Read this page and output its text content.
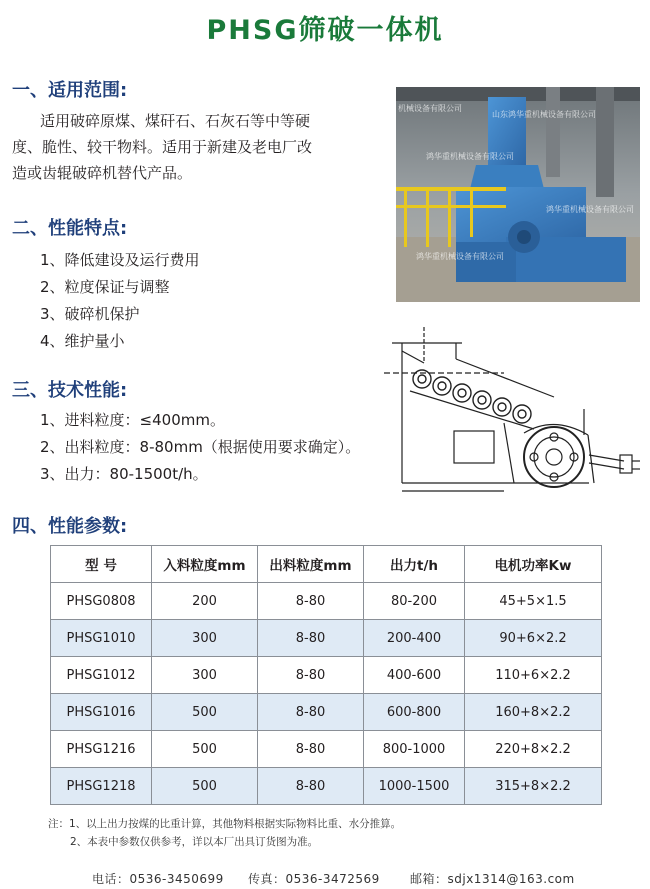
PHSG筛破一体机
一、适用范围:
适用破碎原煤、煤矸石、石灰石等中等硬
度、脆性、较干物料。适用于新建及老电厂改
造或齿辊破碎机替代产品。
二、性能特点:
1、降低建设及运行费用
2、粒度保证与调整
3、破碎机保护
4、维护量小
三、技术性能:
1、进料粒度：≤400mm。
2、出料粒度：8-80mm（根据使用要求确定）。
3、出力：80-1500t/h。
四、性能参数:
机械设备有限公司
山东鸿华重机械设备有限公司
鸿华重机械设备有限公司
鸿华重机械设备有限公司
鸿华重机械设备有限公司
型 号	入料粒度mm	出料粒度mm	出力t/h	电机功率Kw
PHSG0808	200	8-80	80-200	45+5×1.5
PHSG1010	300	8-80	200-400	90+6×2.2
PHSG1012	300	8-80	400-600	110+6×2.2
PHSG1016	500	8-80	600-800	160+8×2.2
PHSG1216	500	8-80	800-1000	220+8×2.2
PHSG1218	500	8-80	1000-1500	315+8×2.2
注：1、以上出力按煤的比重计算，其他物料根据实际物料比重、水分推算。
2、本表中参数仅供参考，详以本厂出具订货图为准。
电话：0536-3450699 传真：0536-3472569	邮箱：sdjx1314@163.com
